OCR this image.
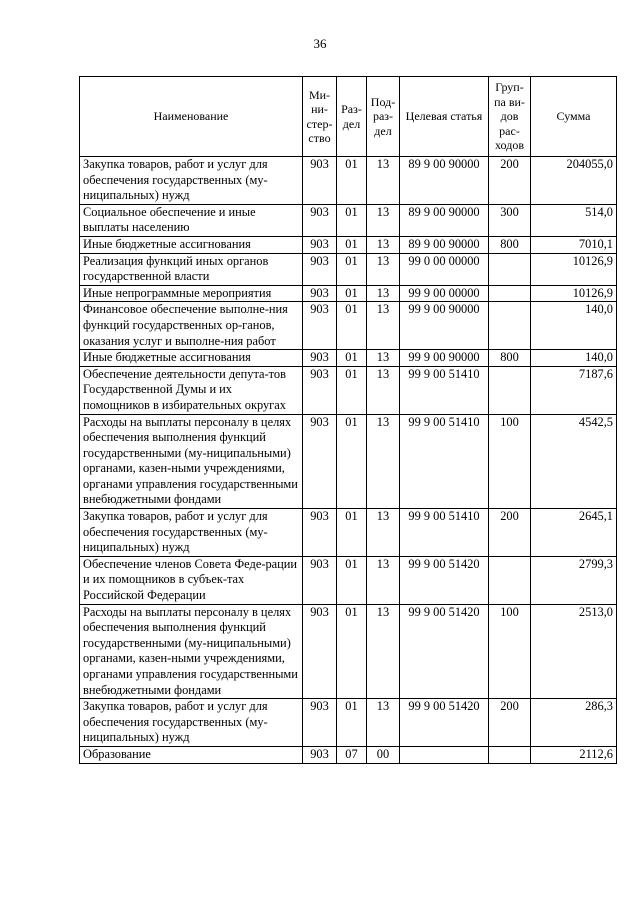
36
Наименование	Ми-ни-стер-ство	Раз-дел	Под-раз-дел	Целевая статья	Груп-па ви-дов рас-ходов	Сумма
Закупка товаров, работ и услуг для обеспечения государственных (му-ниципальных) нужд	903	01	13	89 9 00 90000	200	204055,0
Социальное обеспечение и иные выплаты населению	903	01	13	89 9 00 90000	300	514,0
Иные бюджетные ассигнования	903	01	13	89 9 00 90000	800	7010,1
Реализация функций иных органов государственной власти	903	01	13	99 0 00 00000		10126,9
Иные непрограммные мероприятия	903	01	13	99 9 00 00000		10126,9
Финансовое обеспечение выполне-ния функций государственных ор-ганов, оказания услуг и выполне-ния работ	903	01	13	99 9 00 90000		140,0
Иные бюджетные ассигнования	903	01	13	99 9 00 90000	800	140,0
Обеспечение деятельности депута-тов Государственной Думы и их помощников в избирательных округах	903	01	13	99 9 00 51410		7187,6
Расходы на выплаты персоналу в целях обеспечения выполнения функций государственными (му-ниципальными) органами, казен-ными учреждениями, органами управления государственными внебюджетными фондами	903	01	13	99 9 00 51410	100	4542,5
Закупка товаров, работ и услуг для обеспечения государственных (му-ниципальных) нужд	903	01	13	99 9 00 51410	200	2645,1
Обеспечение членов Совета Феде-рации и их помощников в субъек-тах Российской Федерации	903	01	13	99 9 00 51420		2799,3
Расходы на выплаты персоналу в целях обеспечения выполнения функций государственными (му-ниципальными) органами, казен-ными учреждениями, органами управления государственными внебюджетными фондами	903	01	13	99 9 00 51420	100	2513,0
Закупка товаров, работ и услуг для обеспечения государственных (му-ниципальных) нужд	903	01	13	99 9 00 51420	200	286,3
Образование	903	07	00			2112,6
